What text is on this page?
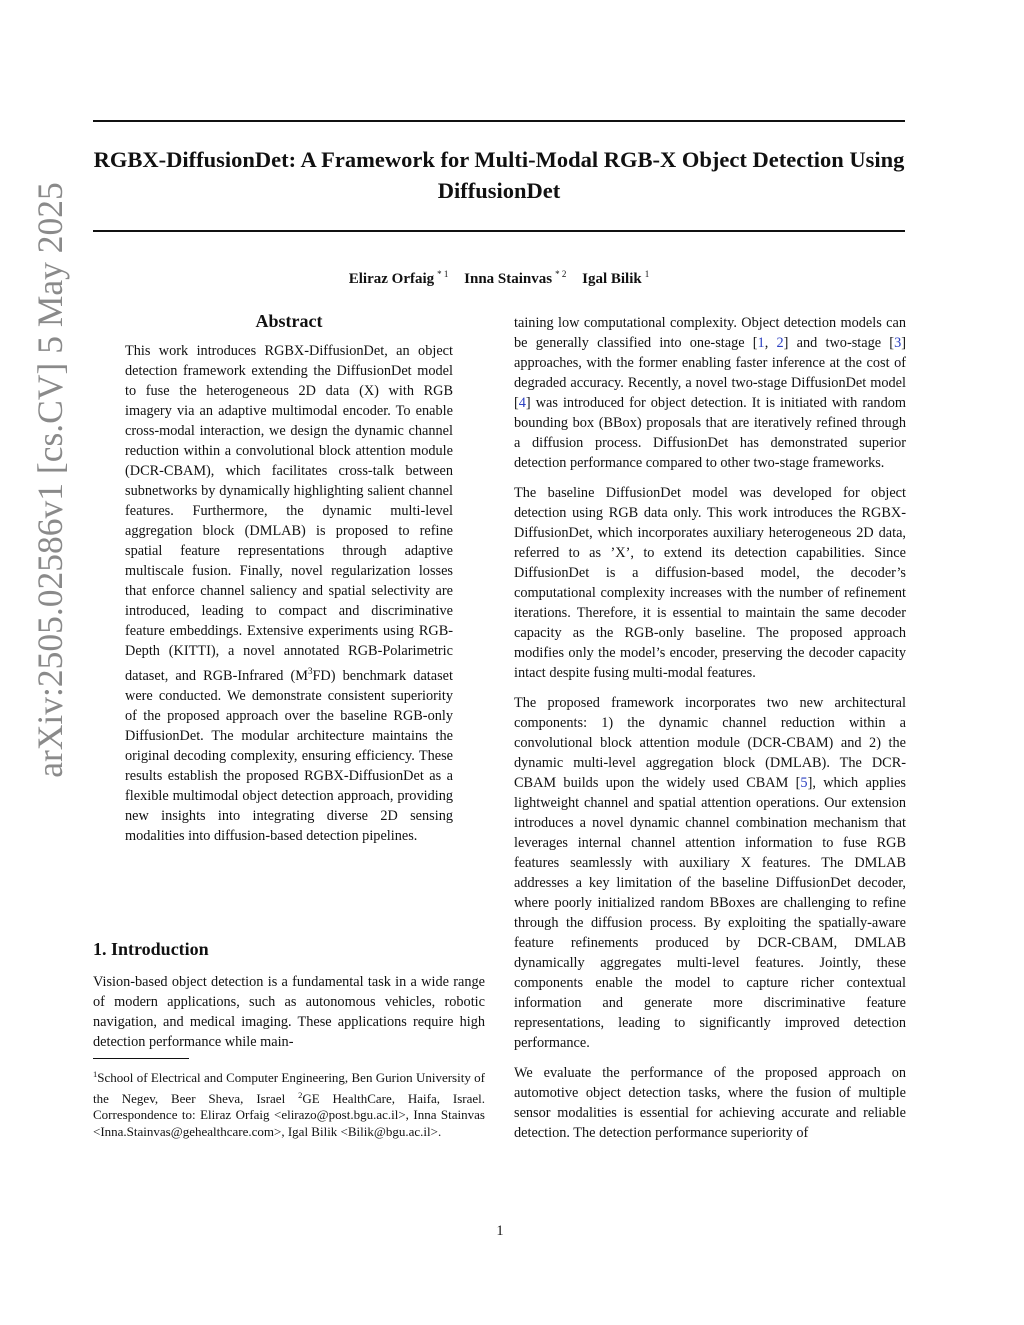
RGBX-DiffusionDet: A Framework for Multi-Modal RGB-X Object Detection Using DiffusionDet
Eliraz Orfaig $^{* 1}$ Inna Stainvas $^{* 2}$ Igal Bilik $^1$
arXiv:2505.02586v1 [cs.CV] 5 May 2025	Abstract

This work introduces RGBX-DiffusionDet, an object detection framework extending the DiffusionDet model to fuse the heterogeneous 2D data (X) with RGB imagery via an adaptive multimodal encoder. To enable cross-modal interaction, we design the dynamic channel reduction within a convolutional block attention module (DCR-CBAM), which facilitates cross-talk between subnetworks by dynamically highlighting salient channel features. Furthermore, the dynamic multi-level aggregation block (DMLAB) is proposed to refine spatial feature representations through adaptive multiscale fusion. Finally, novel regularization losses that enforce channel saliency and spatial selectivity are introduced, leading to compact and discriminative feature embeddings. Extensive experiments using RGB-Depth (KITTI), a novel annotated RGB-Polarimetric dataset, and RGB-Infrared $(M^3FD)$ benchmark dataset were conducted. We demonstrate consistent superiority of the proposed approach over the baseline RGB-only DiffusionDet. The modular architecture maintains the original decoding complexity, ensuring efficiency. These results establish the proposed RGBX-DiffusionDet as a flexible multimodal object detection approach, providing new insights into integrating diverse 2D sensing modalities into diffusion-based detection pipelines.

1. Introduction

Vision-based object detection is a fundamental task in a wide range of modern applications, such as autonomous vehicles, robotic navigation, and medical imaging. These applications require high detection performance while main-

$^1$School of Electrical and Computer Engineering, Ben Gurion University of the Negev, Beer Sheva, Israel $^2$GE HealthCare, Haifa, Israel. Correspondence to: Eliraz Orfaig <elirazo@post.bgu.ac.il>, Inna Stainvas <Inna.Stainvas@gehealthcare.com>, Igal Bilik <Bilik@bgu.ac.il>.

taining low computational complexity. Object detection models can be generally classified into one-stage [1, 2] and two-stage [3] approaches, with the former enabling faster inference at the cost of degraded accuracy. Recently, a novel two-stage DiffusionDet model [4] was introduced for object detection. It is initiated with random bounding box (BBox) proposals that are iteratively refined through a diffusion process. DiffusionDet has demonstrated superior detection performance compared to other two-stage frameworks.

The baseline DiffusionDet model was developed for object detection using RGB data only. This work introduces the RGBX-DiffusionDet, which incorporates auxiliary heterogeneous 2D data, referred to as ’X’, to extend its detection capabilities. Since DiffusionDet is a diffusion-based model, the decoder’s computational complexity increases with the number of refinement iterations. Therefore, it is essential to maintain the same decoder capacity as the RGB-only baseline. The proposed approach modifies only the model’s encoder, preserving the decoder capacity intact despite fusing multi-modal features.

The proposed framework incorporates two new architectural components: 1) the dynamic channel reduction within a convolutional block attention module (DCR-CBAM) and 2) the dynamic multi-level aggregation block (DMLAB). The DCR-CBAM builds upon the widely used CBAM [5], which applies lightweight channel and spatial attention operations. Our extension introduces a novel dynamic channel combination mechanism that leverages internal channel attention information to fuse RGB features seamlessly with auxiliary X features. The DMLAB addresses a key limitation of the baseline DiffusionDet decoder, where poorly initialized random BBoxes are challenging to refine through the diffusion process. By exploiting the spatially-aware feature refinements produced by DCR-CBAM, DMLAB dynamically aggregates multi-level features. Jointly, these components enable the model to capture richer contextual information and generate more discriminative feature representations, leading to significantly improved detection performance.

We evaluate the performance of the proposed approach on automotive object detection tasks, where the fusion of multiple sensor modalities is essential for achieving accurate and reliable detection. The detection performance superiority of

1
